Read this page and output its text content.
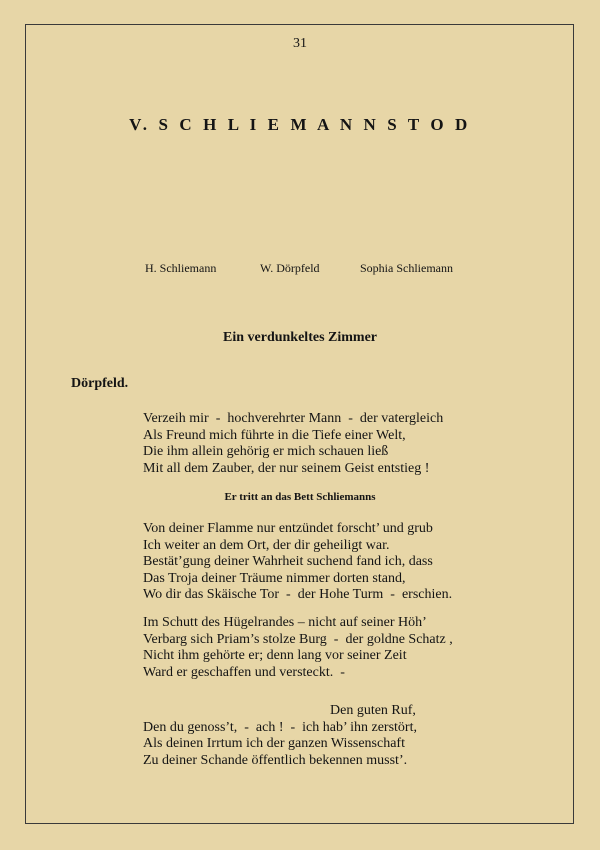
31
V. S C H L I E M A N N S T O D
H. Schliemann	W. Dörpfeld	Sophia Schliemann
Ein verdunkeltes Zimmer
Dörpfeld.
Verzeih mir  -  hochverehrter Mann  -  der vatergleich
Als Freund mich führte in die Tiefe einer Welt,
Die ihm allein gehörig er mich schauen ließ
Mit all dem Zauber, der nur seinem Geist entstieg !
Er tritt an das Bett Schliemanns
Von deiner Flamme nur entzündet forscht’ und grub
Ich weiter an dem Ort, der dir geheiligt war.
Bestät’gung deiner Wahrheit suchend fand ich, dass
Das Troja deiner Träume nimmer dorten stand,
Wo dir das Skäische Tor  -  der Hohe Turm  -  erschien.
Im Schutt des Hügelrandes – nicht auf seiner Höh’
Verbarg sich Priam’s stolze Burg  -  der goldne Schatz ,
Nicht ihm gehörte er; denn lang vor seiner Zeit
Ward er geschaffen und versteckt.  -
Den guten Ruf,
Den du genoss’t,  -  ach !  -  ich hab’ ihn zerstört,
Als deinen Irrtum ich der ganzen Wissenschaft
Zu deiner Schande öffentlich bekennen musst’.
